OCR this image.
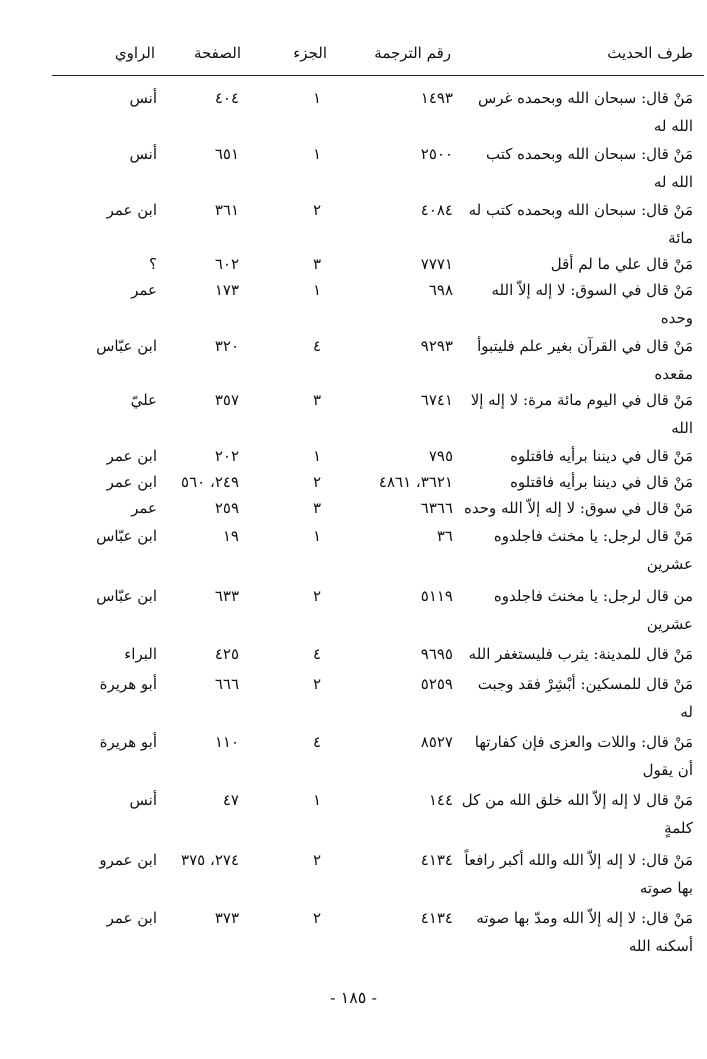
طرف الحديث
رقم الترجمة
الجزء
الصفحة
الراوي
مَنْ قال: سبحان الله وبحمده غرس الله له
١٤٩٣
١
٤٠٤
أنس
مَنْ قال: سبحان الله وبحمده كتب الله له
٢٥٠٠
١
٦٥١
أنس
مَنْ قال: سبحان الله وبحمده كتب له مائة
٤٠٨٤
٢
٣٦١
ابن عمر
مَنْ قال علي ما لم أقل
٧٧٧١
٣
٦٠٢
؟
مَنْ قال في السوق: لا إله إلاّ الله وحده
٦٩٨
١
١٧٣
عمر
مَنْ قال في القرآن بغير علم فليتبوأ مقعده
٩٢٩٣
٤
٣٢٠
ابن عبّاس
مَنْ قال في اليوم مائة مرة: لا إله إلا الله
٦٧٤١
٣
٣٥٧
عليّ
مَنْ قال في ديننا برأيه فاقتلوه
٧٩٥
١
٢٠٢
ابن عمر
مَنْ قال في ديننا برأيه فاقتلوه
٣٦٢١، ٤٨٦١
٢
٢٤٩، ٥٦٠
ابن عمر
مَنْ قال في سوق: لا إله إلاّ الله وحده
٦٣٦٦
٣
٢٥٩
عمر
مَنْ قال لرجل: يا مخنث فاجلدوه عشرين
٣٦
١
١٩
ابن عبّاس
من قال لرجل: يا مخنث فاجلدوه عشرين
٥١١٩
٢
٦٣٣
ابن عبّاس
مَنْ قال للمدينة: يثرب فليستغفر الله
٩٦٩٥
٤
٤٢٥
البراء
مَنْ قال للمسكين: أبْشِرْ فقد وجبت له
٥٢٥٩
٢
٦٦٦
أبو هريرة
مَنْ قال: واللات والعزى فإن كفارتها أن يقول
٨٥٢٧
٤
١١٠
أبو هريرة
مَنْ قال لا إله إلاّ الله خلق الله من كل كلمةٍ
١٤٤
١
٤٧
أنس
مَنْ قال: لا إله إلاّ الله والله أكبر رافعاً بها صوته
٤١٣٤
٢
٢٧٤، ٣٧٥
ابن عمرو
مَنْ قال: لا إله إلاّ الله ومدّ بها صوته أسكنه الله
٤١٣٤
٢
٣٧٣
ابن عمر
- ١٨٥ -
